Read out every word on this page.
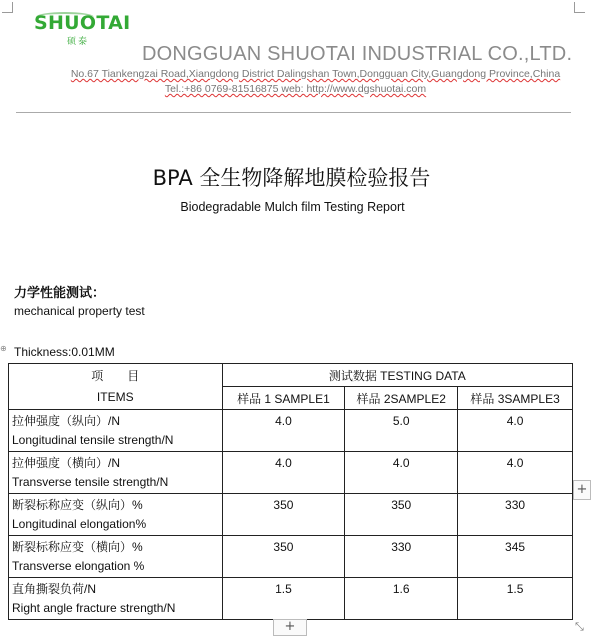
SHUOTAI
硕泰
DONGGUAN SHUOTAI INDUSTRIAL CO.,LTD.
No.67 Tiankengzai Road,Xiangdong District Dalingshan Town,Dongguan City,Guangdong Province,China
Tel.:+86 0769-81516875 web: http://www.dgshuotai.com
BPA 全生物降解地膜检验报告
Biodegradable Mulch film Testing Report
力学性能测试：
mechanical property test
⊕ Thickness:0.01MM
项　　目
ITEMS	测试数据 TESTING DATA		
	样品 1 SAMPLE1	样品 2SAMPLE2	样品 3SAMPLE3

拉伸强度（纵向）/N
Longitudinal tensile strength/N	4.0	5.0	4.0

拉伸强度（横向）/N
Transverse tensile strength/N	4.0	4.0	4.0

断裂标称应变（纵向）%
Longitudinal elongation%	350	350	330

断裂标称应变（横向）%
Transverse elongation %	350	330	345

直角撕裂负荷/N
Right angle fracture strength/N	1.5	1.6	1.5
+
+	⤡
